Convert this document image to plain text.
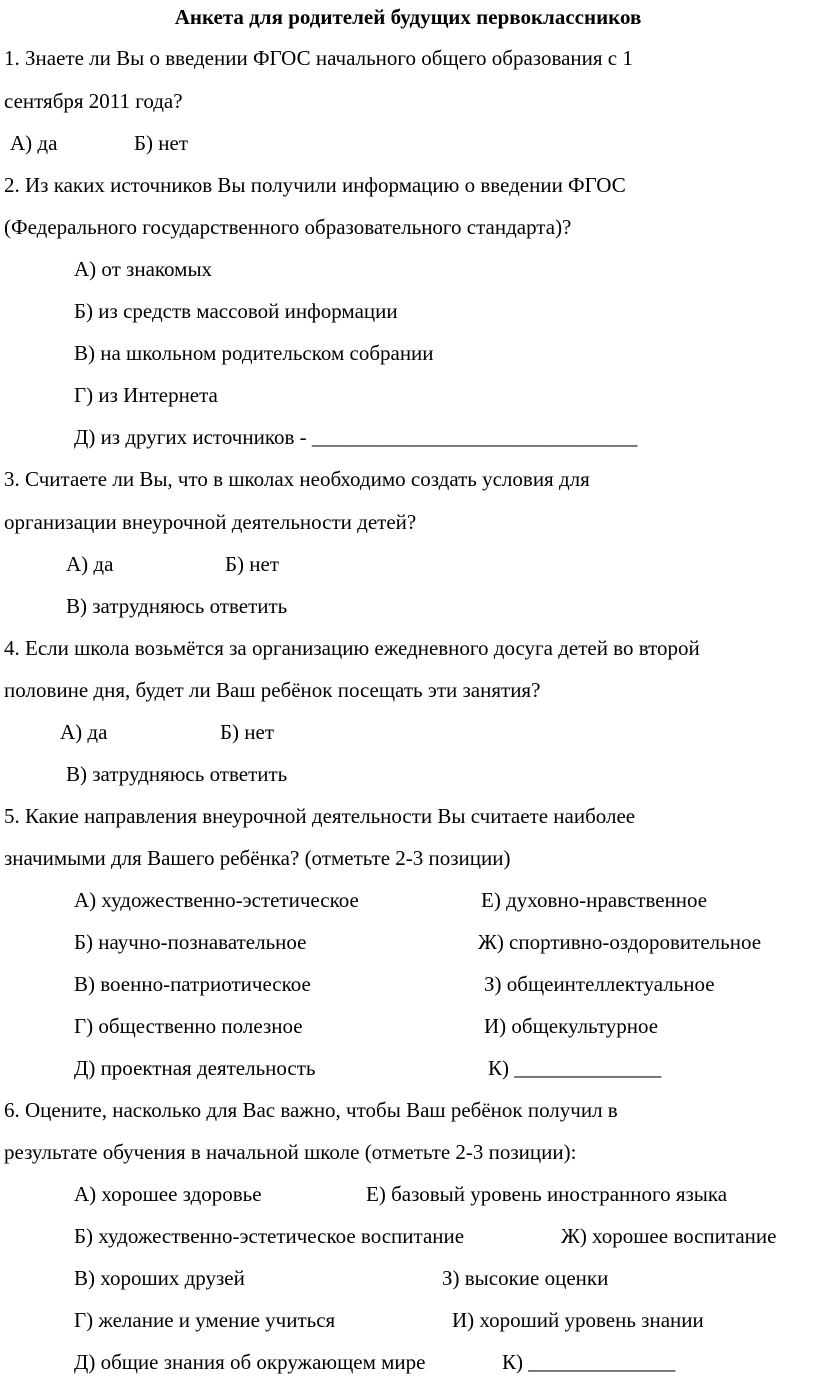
Анкета для родителей будущих первоклассников
1. Знаете ли Вы о введении ФГОС начального общего образования с 1
сентября 2011 года?
А) да	Б) нет
2. Из каких источников Вы получили информацию о введении ФГОС
(Федерального государственного образовательного стандарта)?
А) от знакомых
Б) из средств массовой информации
В) на школьном родительском собрании
Г) из Интернета
Д) из других источников - _______________________________
3. Считаете ли Вы, что в школах необходимо создать условия для
организации внеурочной деятельности детей?
А) да	Б) нет
В) затрудняюсь ответить
4. Если школа возьмётся за организацию ежедневного досуга детей во второй
половине дня, будет ли Ваш ребёнок посещать эти занятия?
А) да	Б) нет
В) затрудняюсь ответить
5. Какие направления внеурочной деятельности Вы считаете наиболее
значимыми для Вашего ребёнка? (отметьте 2-3 позиции)
А) художественно-эстетическое	Е) духовно-нравственное
Б) научно-познавательное	Ж) спортивно-оздоровительное
В) военно-патриотическое	З) общеинтеллектуальное
Г) общественно полезное	И) общекультурное
Д) проектная деятельность	К) ______________
6. Оцените, насколько для Вас важно, чтобы Ваш ребёнок получил в
результате обучения в начальной школе (отметьте 2-3 позиции):
А) хорошее здоровье	Е) базовый уровень иностранного языка
Б) художественно-эстетическое воспитание	Ж) хорошее воспитание
В) хороших друзей	З) высокие оценки
Г) желание и умение учиться	И) хороший уровень знании
Д) общие знания об окружающем мире	К) ______________
